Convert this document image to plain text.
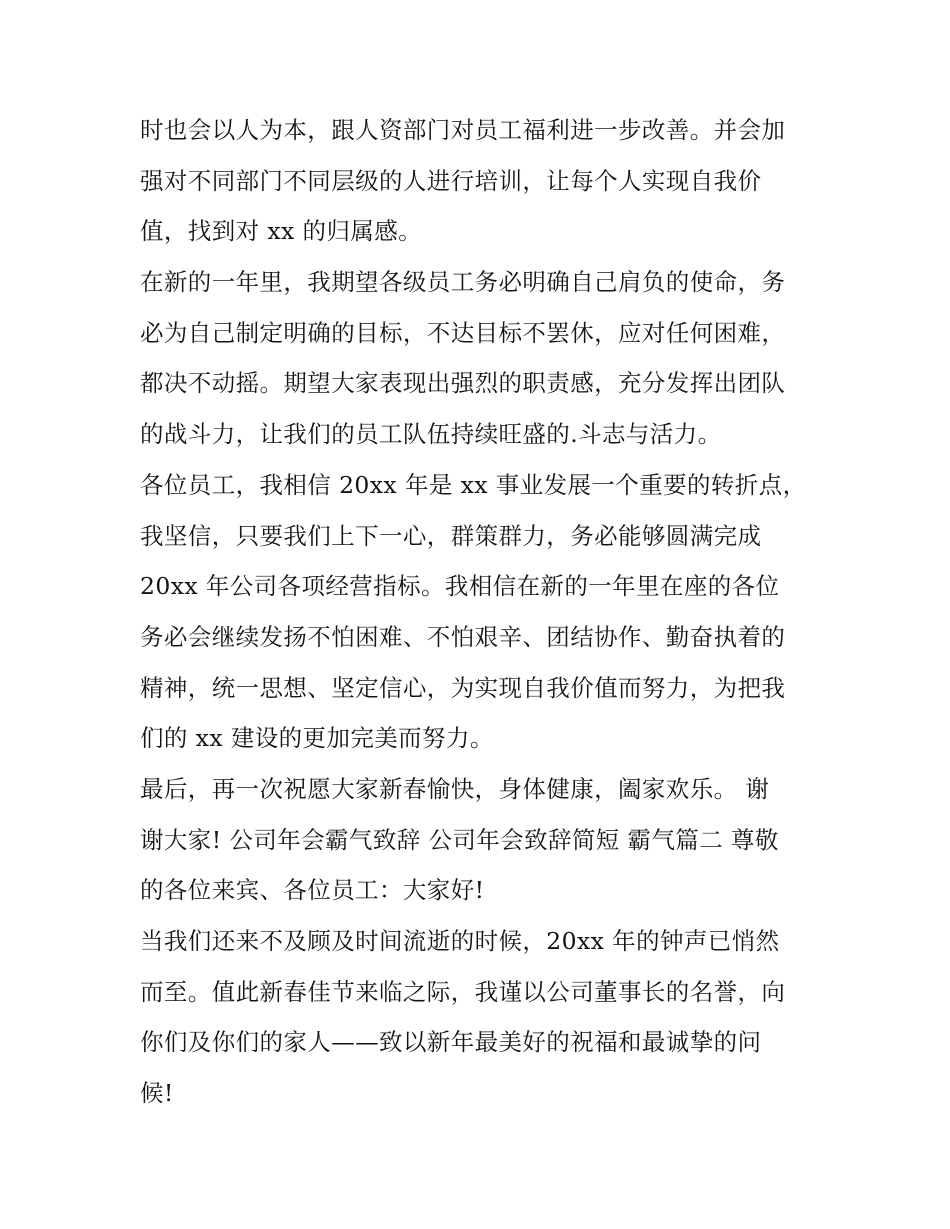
时也会以人为本，跟人资部门对员工福利进一步改善。并会加
强对不同部门不同层级的人进行培训，让每个人实现自我价
值，找到对 xx 的归属感。
在新的一年里，我期望各级员工务必明确自己肩负的使命，务
必为自己制定明确的目标，不达目标不罢休，应对任何困难，
都决不动摇。期望大家表现出强烈的职责感，充分发挥出团队
的战斗力，让我们的员工队伍持续旺盛的.斗志与活力。
各位员工，我相信 20xx 年是 xx 事业发展一个重要的转折点，
我坚信，只要我们上下一心，群策群力，务必能够圆满完成
20xx 年公司各项经营指标。我相信在新的一年里在座的各位
务必会继续发扬不怕困难、不怕艰辛、团结协作、勤奋执着的
精神，统一思想、坚定信心，为实现自我价值而努力，为把我
们的 xx 建设的更加完美而努力。
最后，再一次祝愿大家新春愉快，身体健康，阖家欢乐。 谢
谢大家! 公司年会霸气致辞 公司年会致辞简短 霸气篇二 尊敬
的各位来宾、各位员工：大家好!
当我们还来不及顾及时间流逝的时候，20xx 年的钟声已悄然
而至。值此新春佳节来临之际，我谨以公司董事长的名誉，向
你们及你们的家人——致以新年最美好的祝福和最诚挚的问
候!
